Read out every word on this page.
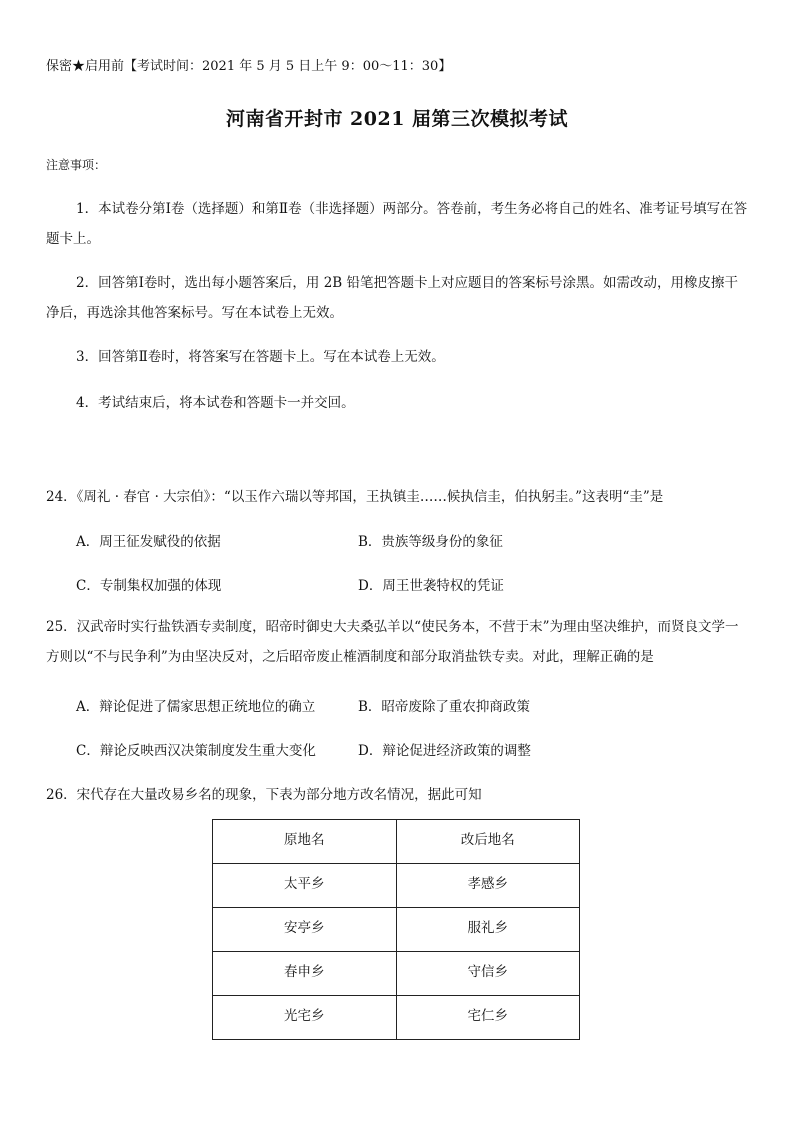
保密★启用前【考试时间：2021 年 5 月 5 日上午 9：00～11：30】
河南省开封市 2021 届第三次模拟考试
注意事项：
1．本试卷分第Ⅰ卷（选择题）和第Ⅱ卷（非选择题）两部分。答卷前，考生务必将自己的姓名、准考证号填写在答题卡上。
2．回答第Ⅰ卷时，选出每小题答案后，用 2B 铅笔把答题卡上对应题目的答案标号涂黑。如需改动，用橡皮擦干净后，再选涂其他答案标号。写在本试卷上无效。
3．回答第Ⅱ卷时，将答案写在答题卡上。写在本试卷上无效。
4．考试结束后，将本试卷和答题卡一并交回。
24．《周礼 · 春官 · 大宗伯》：“以玉作六瑞以等邦国，王执镇圭……候执信圭，伯执躬圭。”这表明“圭”是
A．周王征发赋役的依据	B．贵族等级身份的象征
C．专制集权加强的体现	D．周王世袭特权的凭证
25．汉武帝时实行盐铁酒专卖制度，昭帝时御史大夫桑弘羊以“使民务本，不营于末”为理由坚决维护，而贤良文学一方则以“不与民争利”为由坚决反对，之后昭帝废止榷酒制度和部分取消盐铁专卖。对此，理解正确的是
A．辩论促进了儒家思想正统地位的确立	B．昭帝废除了重农抑商政策
C．辩论反映西汉决策制度发生重大变化	D．辩论促进经济政策的调整
26．宋代存在大量改易乡名的现象，下表为部分地方改名情况，据此可知
原地名	改后地名
太平乡	孝感乡
安亭乡	服礼乡
春申乡	守信乡
光宅乡	宅仁乡
